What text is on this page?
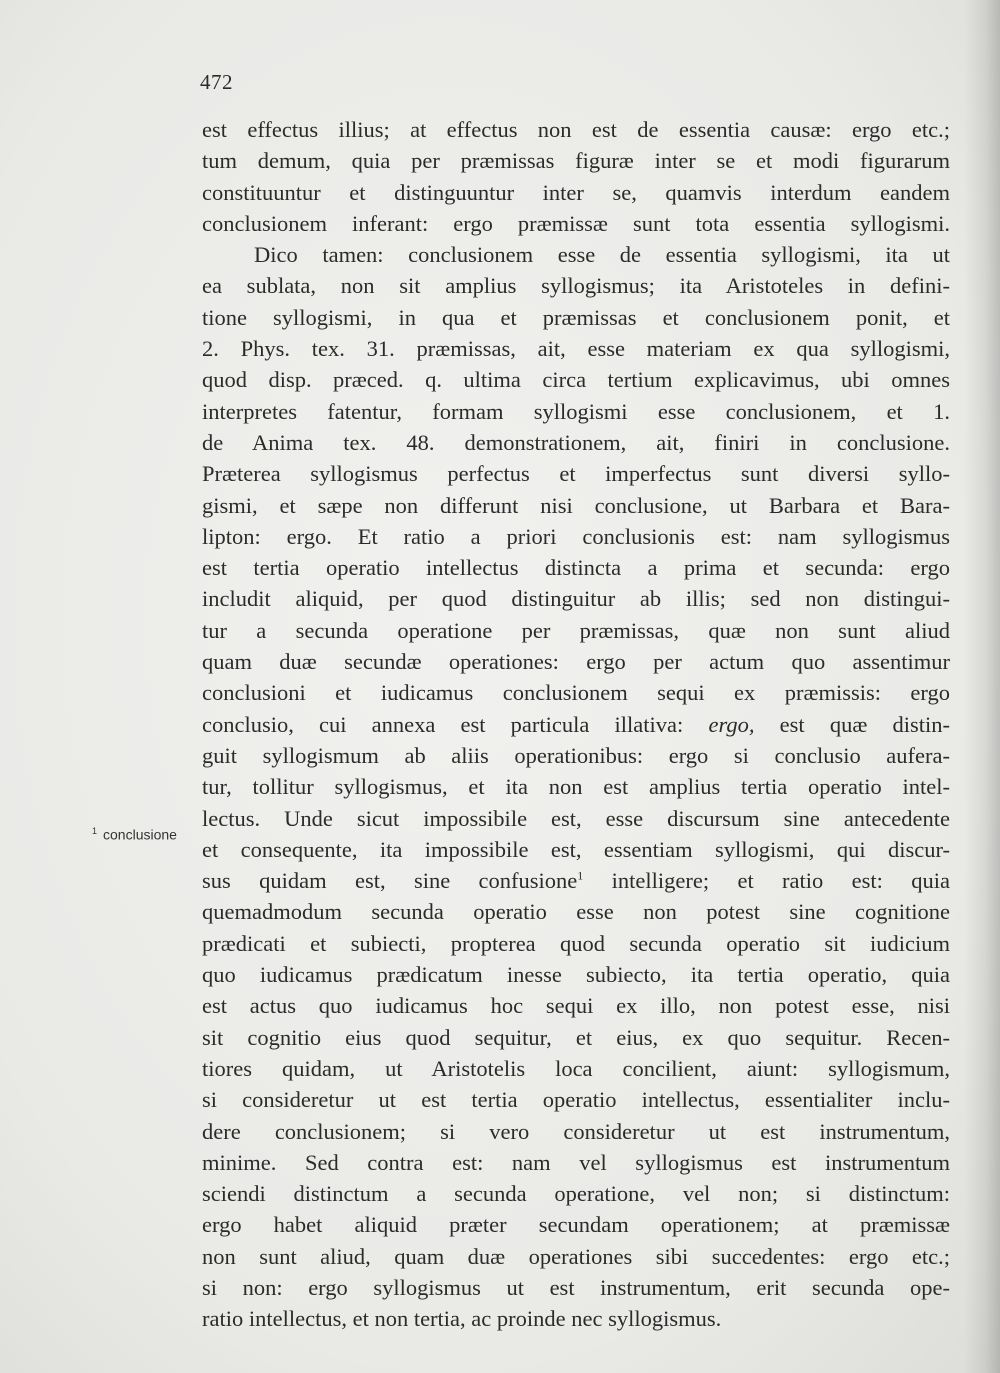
472
$^1$ conclusione
est effectus illius; at effectus non est de essentia causæ: ergo etc.;
tum demum, quia per præmissas figuræ inter se et modi figurarum
constituuntur et distinguuntur inter se, quamvis interdum eandem
conclusionem inferant: ergo præmissæ sunt tota essentia syllogismi.
Dico tamen: conclusionem esse de essentia syllogismi, ita ut
ea sublata, non sit amplius syllogismus; ita Aristoteles in defini-
tione syllogismi, in qua et præmissas et conclusionem ponit, et
2. Phys. tex. 31. præmissas, ait, esse materiam ex qua syllogismi,
quod disp. præced. q. ultima circa tertium explicavimus, ubi omnes
interpretes fatentur, formam syllogismi esse conclusionem, et 1.
de Anima tex. 48. demonstrationem, ait, finiri in conclusione.
Præterea syllogismus perfectus et imperfectus sunt diversi syllo-
gismi, et sæpe non differunt nisi conclusione, ut Barbara et Bara-
lipton: ergo. Et ratio a priori conclusionis est: nam syllogismus
est tertia operatio intellectus distincta a prima et secunda: ergo
includit aliquid, per quod distinguitur ab illis; sed non distingui-
tur a secunda operatione per præmissas, quæ non sunt aliud
quam duæ secundæ operationes: ergo per actum quo assentimur
conclusioni et iudicamus conclusionem sequi ex præmissis: ergo
conclusio, cui annexa est particula illativa: ergo, est quæ distin-
guit syllogismum ab aliis operationibus: ergo si conclusio aufera-
tur, tollitur syllogismus, et ita non est amplius tertia operatio intel-
lectus. Unde sicut impossibile est, esse discursum sine antecedente
et consequente, ita impossibile est, essentiam syllogismi, qui discur-
sus quidam est, sine confusione$^1$ intelligere; et ratio est: quia
quemadmodum secunda operatio esse non potest sine cognitione
prædicati et subiecti, propterea quod secunda operatio sit iudicium
quo iudicamus prædicatum inesse subiecto, ita tertia operatio, quia
est actus quo iudicamus hoc sequi ex illo, non potest esse, nisi
sit cognitio eius quod sequitur, et eius, ex quo sequitur. Recen-
tiores quidam, ut Aristotelis loca concilient, aiunt: syllogismum,
si consideretur ut est tertia operatio intellectus, essentialiter inclu-
dere conclusionem; si vero consideretur ut est instrumentum,
minime. Sed contra est: nam vel syllogismus est instrumentum
sciendi distinctum a secunda operatione, vel non; si distinctum:
ergo habet aliquid præter secundam operationem; at præmissæ
non sunt aliud, quam duæ operationes sibi succedentes: ergo etc.;
si non: ergo syllogismus ut est instrumentum, erit secunda ope-
ratio intellectus, et non tertia, ac proinde nec syllogismus.
